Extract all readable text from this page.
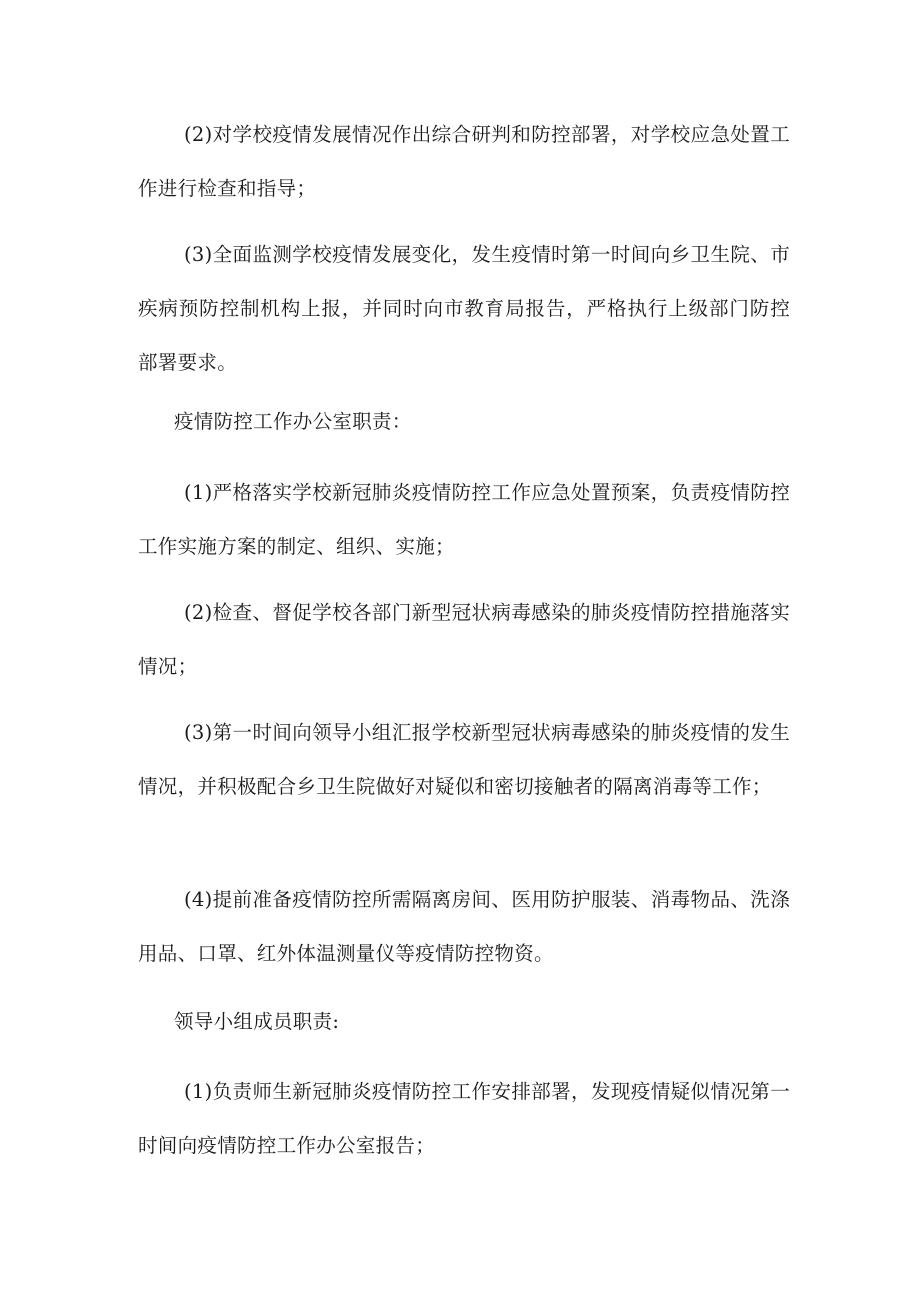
(2)对学校疫情发展情况作出综合研判和防控部署，对学校应急处置工作进行检查和指导；

(3)全面监测学校疫情发展变化，发生疫情时第一时间向乡卫生院、市疾病预防控制机构上报，并同时向市教育局报告，严格执行上级部门防控部署要求。

疫情防控工作办公室职责：

(1)严格落实学校新冠肺炎疫情防控工作应急处置预案，负责疫情防控工作实施方案的制定、组织、实施；

(2)检查、督促学校各部门新型冠状病毒感染的肺炎疫情防控措施落实情况；

(3)第一时间向领导小组汇报学校新型冠状病毒感染的肺炎疫情的发生情况，并积极配合乡卫生院做好对疑似和密切接触者的隔离消毒等工作；

(4)提前准备疫情防控所需隔离房间、医用防护服装、消毒物品、洗涤用品、口罩、红外体温测量仪等疫情防控物资。

领导小组成员职责:

(1)负责师生新冠肺炎疫情防控工作安排部署，发现疫情疑似情况第一时间向疫情防控工作办公室报告；
